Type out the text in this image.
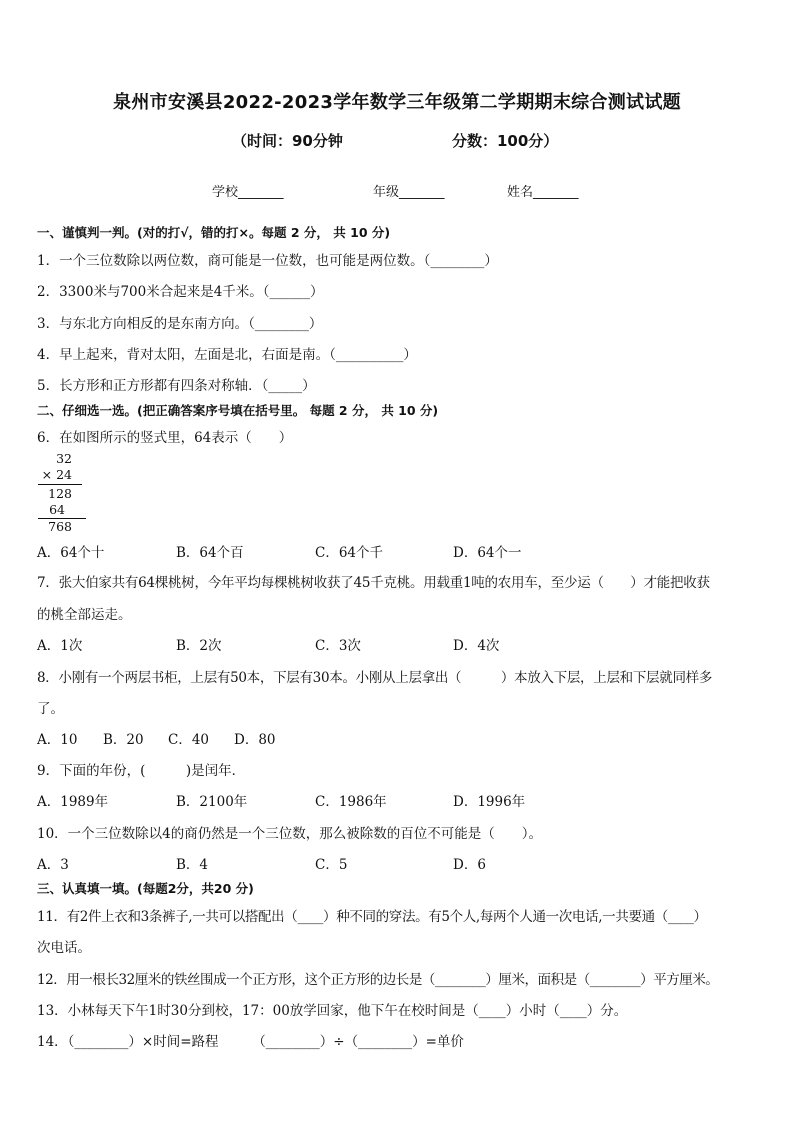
泉州市安溪县2022-2023学年数学三年级第二学期期末综合测试试题
（时间：90分钟	分数：100分）
学校_______	年级_______	姓名_______
一、谨慎判一判。(对的打√，错的打×。每题 2 分， 共 10 分)
1．一个三位数除以两位数，商可能是一位数，也可能是两位数。（________）
2．3300米与700米合起来是4千米。（______）
3．与东北方向相反的是东南方向。（________）
4．早上起来，背对太阳，左面是北，右面是南。（__________）
5．长方形和正方形都有四条对称轴．（_____）
二、仔细选一选。(把正确答案序号填在括号里。 每题 2 分， 共 10 分)
6．在如图所示的竖式里，64表示（　　）
32
× 24
128
64
768
A．64个十	B．64个百	C．64个千	D．64个一
7．张大伯家共有64棵桃树，今年平均每棵桃树收获了45千克桃。用载重1吨的农用车，至少运（　　）才能把收获
的桃全部运走。
A．1次	B．2次	C．3次	D．4次
8．小刚有一个两层书柜，上层有50本，下层有30本。小刚从上层拿出（　　　）本放入下层，上层和下层就同样多
了。
A．10 B．20 C．40 D．80
9．下面的年份，(　　　)是闰年．
A．1989年	B．2100年	C．1986年	D．1996年
10．一个三位数除以4的商仍然是一个三位数，那么被除数的百位不可能是（　　）。
A．3	B．4	C．5	D．6
三、认真填一填。(每题2分，共20 分)
11．有2件上衣和3条裤子,一共可以搭配出（____）种不同的穿法。有5个人,每两个人通一次电话,一共要通（____）
次电话。
12．用一根长32厘米的铁丝围成一个正方形，这个正方形的边长是（________）厘米，面积是（________）平方厘米。
13．小林每天下午1时30分到校，17：00放学回家，他下午在校时间是（____）小时（____）分。
14．（________）×时间=路程　　　（________）÷（________）=单价
